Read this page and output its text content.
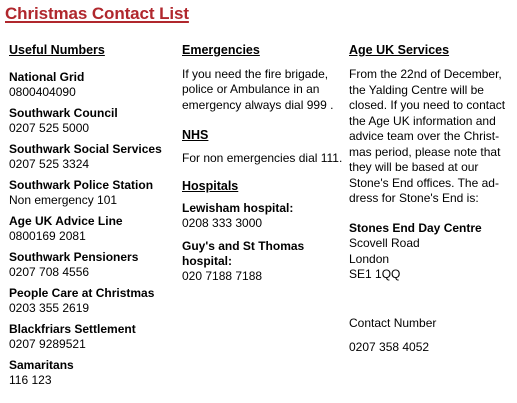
Christmas Contact List
Useful Numbers
National Grid
0800404090
Southwark Council
0207 525 5000
Southwark Social Services
0207 525 3324
Southwark Police Station
Non emergency 101
Age UK Advice Line
0800169 2081
Southwark Pensioners
0207 708 4556
People Care at Christmas
0203 355 2619
Blackfriars Settlement
0207 9289521
Samaritans
116 123
Emergencies

If you need the fire brigade, police or Ambulance in an emergency always dial 999 .

NHS

For non emergencies dial 111.

Hospitals
Lewisham hospital:
0208 333 3000
Guy's and St Thomas hospital:
020 7188 7188
Age UK Services
From the 22nd of December,
the Yalding Centre will be
closed. If you need to contact
the Age UK information and
advice team over the Christ-
mas period, please note that
they will be based at our
Stone's End offices. The ad-
dress for Stone's End is:
Stones End Day Centre
Scovell Road
London
SE1 1QQ
Contact Number
0207 358 4052
